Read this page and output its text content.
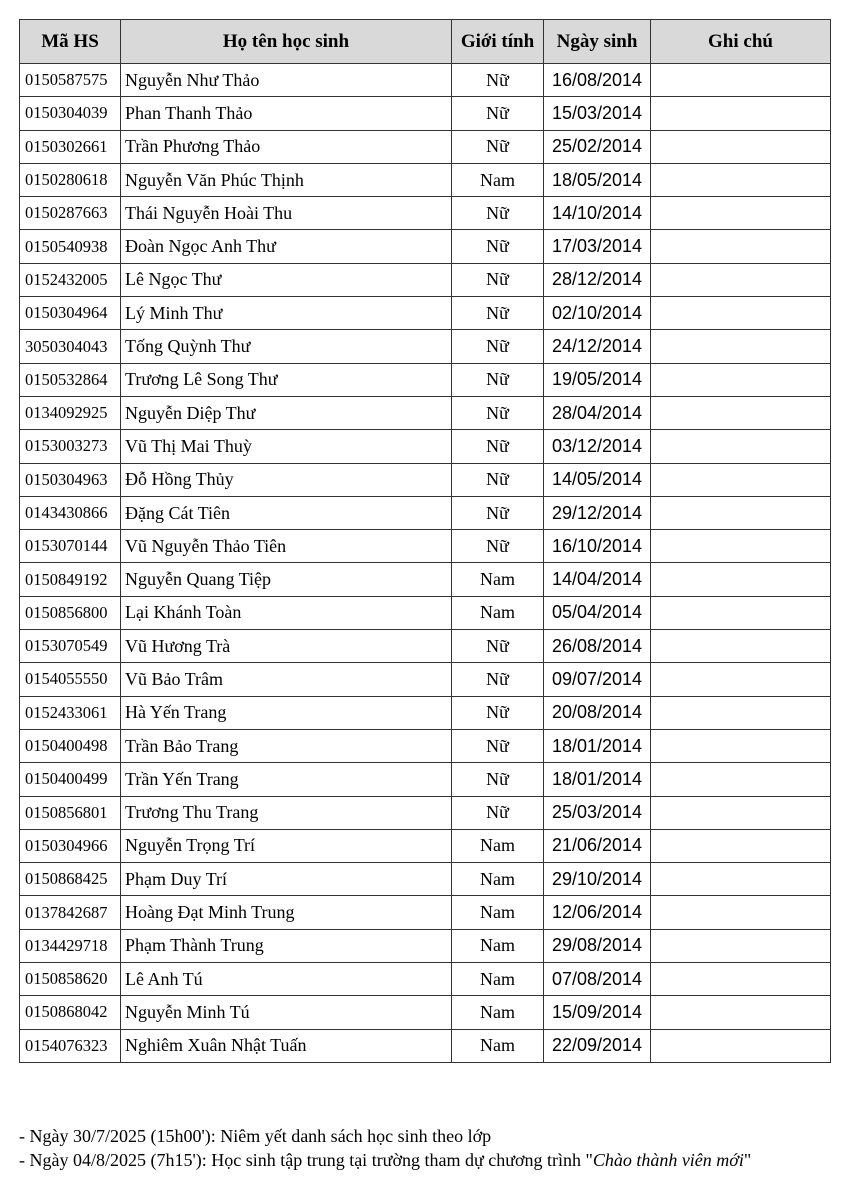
Mã HS	Họ tên học sinh	Giới tính	Ngày sinh	Ghi chú
0150587575	Nguyễn Như Thảo	Nữ	16/08/2014	
0150304039	Phan Thanh Thảo	Nữ	15/03/2014	
0150302661	Trần Phương Thảo	Nữ	25/02/2014	
0150280618	Nguyễn Văn Phúc Thịnh	Nam	18/05/2014	
0150287663	Thái Nguyễn Hoài Thu	Nữ	14/10/2014	
0150540938	Đoàn Ngọc Anh Thư	Nữ	17/03/2014	
0152432005	Lê Ngọc Thư	Nữ	28/12/2014	
0150304964	Lý Minh Thư	Nữ	02/10/2014	
3050304043	Tống Quỳnh Thư	Nữ	24/12/2014	
0150532864	Trương Lê Song Thư	Nữ	19/05/2014	
0134092925	Nguyễn Diệp Thư	Nữ	28/04/2014	
0153003273	Vũ Thị Mai Thuỳ	Nữ	03/12/2014	
0150304963	Đỗ Hồng Thủy	Nữ	14/05/2014	
0143430866	Đặng Cát Tiên	Nữ	29/12/2014	
0153070144	Vũ Nguyễn Thảo Tiên	Nữ	16/10/2014	
0150849192	Nguyễn Quang Tiệp	Nam	14/04/2014	
0150856800	Lại Khánh Toàn	Nam	05/04/2014	
0153070549	Vũ Hương Trà	Nữ	26/08/2014	
0154055550	Vũ Bảo Trâm	Nữ	09/07/2014	
0152433061	Hà Yến Trang	Nữ	20/08/2014	
0150400498	Trần Bảo Trang	Nữ	18/01/2014	
0150400499	Trần Yến Trang	Nữ	18/01/2014	
0150856801	Trương Thu Trang	Nữ	25/03/2014	
0150304966	Nguyễn Trọng Trí	Nam	21/06/2014	
0150868425	Phạm Duy Trí	Nam	29/10/2014	
0137842687	Hoàng Đạt Minh Trung	Nam	12/06/2014	
0134429718	Phạm Thành Trung	Nam	29/08/2014	
0150858620	Lê Anh Tú	Nam	07/08/2014	
0150868042	Nguyễn Minh Tú	Nam	15/09/2014	
0154076323	Nghiêm Xuân Nhật Tuấn	Nam	22/09/2014	
- Ngày 30/7/2025 (15h00'): Niêm yết danh sách học sinh theo lớp
- Ngày 04/8/2025 (7h15'): Học sinh tập trung tại trường tham dự chương trình "Chào thành viên mới"
